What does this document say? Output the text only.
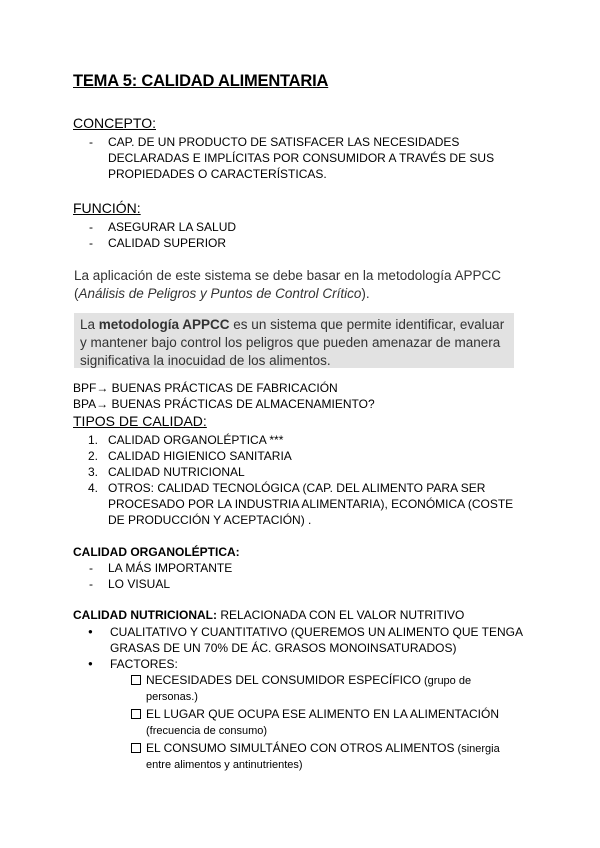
TEMA 5: CALIDAD ALIMENTARIA
CONCEPTO:
- CAP. DE UN PRODUCTO DE SATISFACER LAS NECESIDADES
DECLARADAS E IMPLÍCITAS POR CONSUMIDOR A TRAVÉS DE SUS
PROPIEDADES O CARACTERÍSTICAS.
FUNCIÓN:
- ASEGURAR LA SALUD
- CALIDAD SUPERIOR
La aplicación de este sistema se debe basar en la metodología APPCC
(Análisis de Peligros y Puntos de Control Crítico).
La metodología APPCC es un sistema que permite identificar, evaluar
y mantener bajo control los peligros que pueden amenazar de manera
significativa la inocuidad de los alimentos.
BPF→ BUENAS PRÁCTICAS DE FABRICACIÓN
BPA→ BUENAS PRÁCTICAS DE ALMACENAMIENTO?
TIPOS DE CALIDAD:
1. CALIDAD ORGANOLÉPTICA ***
2. CALIDAD HIGIENICO SANITARIA
3. CALIDAD NUTRICIONAL
4. OTROS: CALIDAD TECNOLÓGICA (CAP. DEL ALIMENTO PARA SER
PROCESADO POR LA INDUSTRIA ALIMENTARIA), ECONÓMICA (COSTE
DE PRODUCCIÓN Y ACEPTACIÓN) .
CALIDAD ORGANOLÉPTICA:
- LA MÁS IMPORTANTE
- LO VISUAL
CALIDAD NUTRICIONAL: RELACIONADA CON EL VALOR NUTRITIVO
● CUALITATIVO Y CUANTITATIVO (QUEREMOS UN ALIMENTO QUE TENGA
GRASAS DE UN 70% DE ÁC. GRASOS MONOINSATURADOS)
● FACTORES:
NECESIDADES DEL CONSUMIDOR ESPECÍFICO (grupo de
personas.)
EL LUGAR QUE OCUPA ESE ALIMENTO EN LA ALIMENTACIÓN
(frecuencia de consumo)
EL CONSUMO SIMULTÁNEO CON OTROS ALIMENTOS (sinergia
entre alimentos y antinutrientes)
